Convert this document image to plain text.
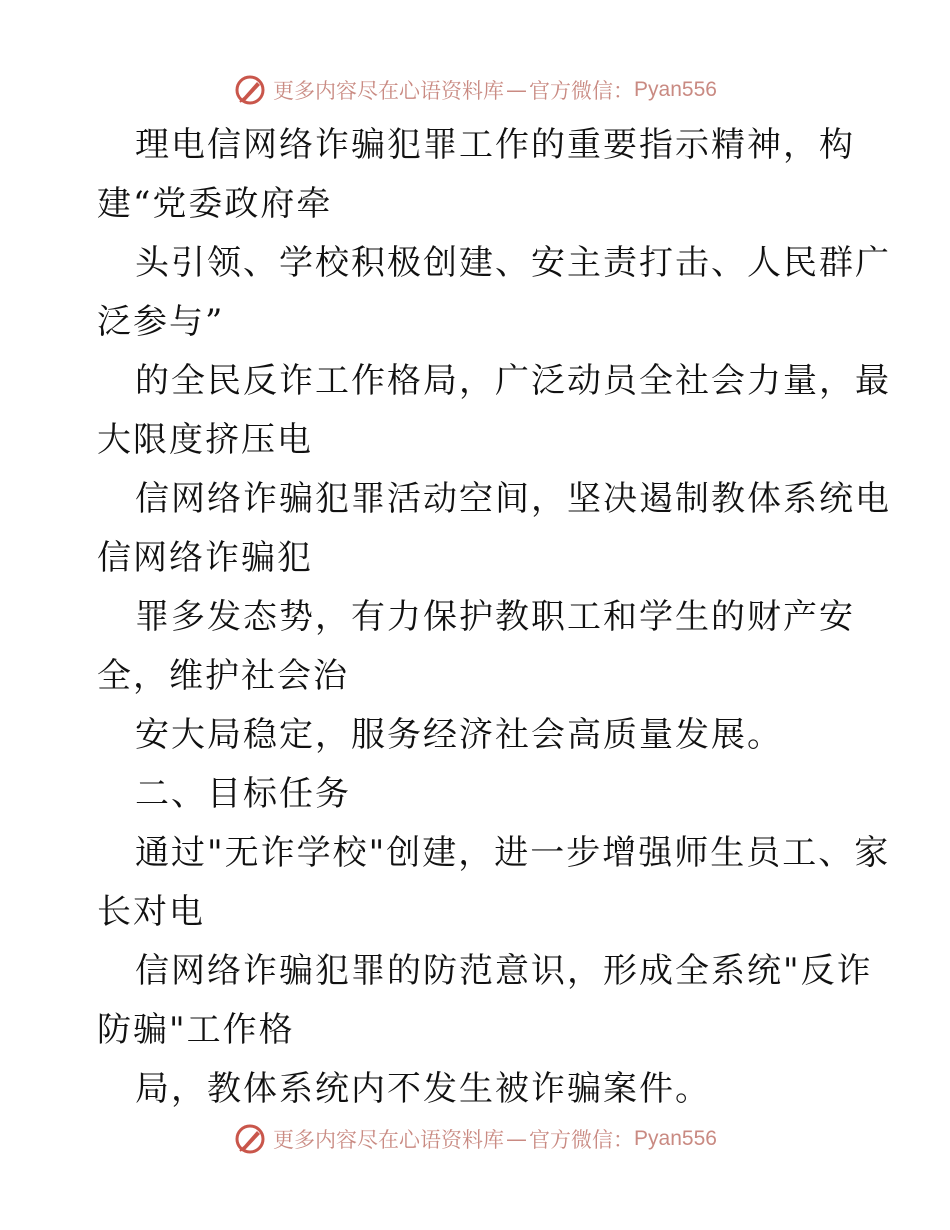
更多内容尽在心语资料库 — 官方微信： Pyan556
理电信网络诈骗犯罪工作的重要指示精神，构
建“党委政府牵
头引领、学校积极创建、安主责打击、人民群广
泛参与”
的全民反诈工作格局，广泛动员全社会力量，最
大限度挤压电
信网络诈骗犯罪活动空间，坚决遏制教体系统电
信网络诈骗犯
罪多发态势，有力保护教职工和学生的财产安
全，维护社会治
安大局稳定，服务经济社会高质量发展。
二、目标任务
通过"无诈学校"创建，进一步增强师生员工、家
长对电
信网络诈骗犯罪的防范意识，形成全系统"反诈
防骗"工作格
局，教体系统内不发生被诈骗案件。
更多内容尽在心语资料库 — 官方微信： Pyan556
